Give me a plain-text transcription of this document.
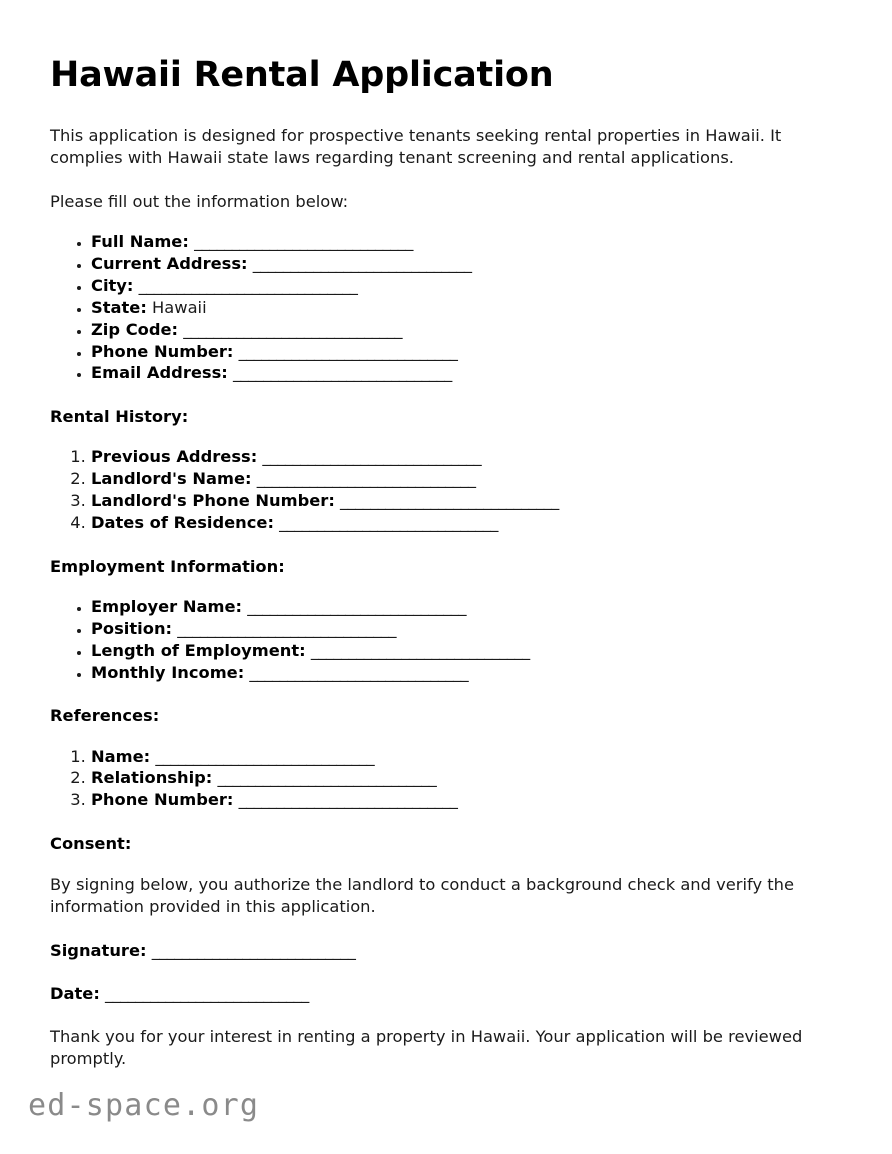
Hawaii Rental Application

This application is designed for prospective tenants seeking rental properties in Hawaii. It complies with Hawaii state laws regarding tenant screening and rental applications.

Please fill out the information below:

• Full Name: _____________________________
• Current Address: _____________________________
• City: _____________________________
• State: Hawaii
• Zip Code: _____________________________
• Phone Number: _____________________________
• Email Address: _____________________________
Rental History:
1. Previous Address: _____________________________
2. Landlord's Name: _____________________________
3. Landlord's Phone Number: _____________________________
4. Dates of Residence: _____________________________
Employment Information:
• Employer Name: _____________________________
• Position: _____________________________
• Length of Employment: _____________________________
• Monthly Income: _____________________________
References:
1. Name: _____________________________
2. Relationship: _____________________________
3. Phone Number: _____________________________
Consent:

By signing below, you authorize the landlord to conduct a background check and verify the information provided in this application.

Signature: ___________________________

Date: ___________________________

Thank you for your interest in renting a property in Hawaii. Your application will be reviewed promptly.

ed-space.org
